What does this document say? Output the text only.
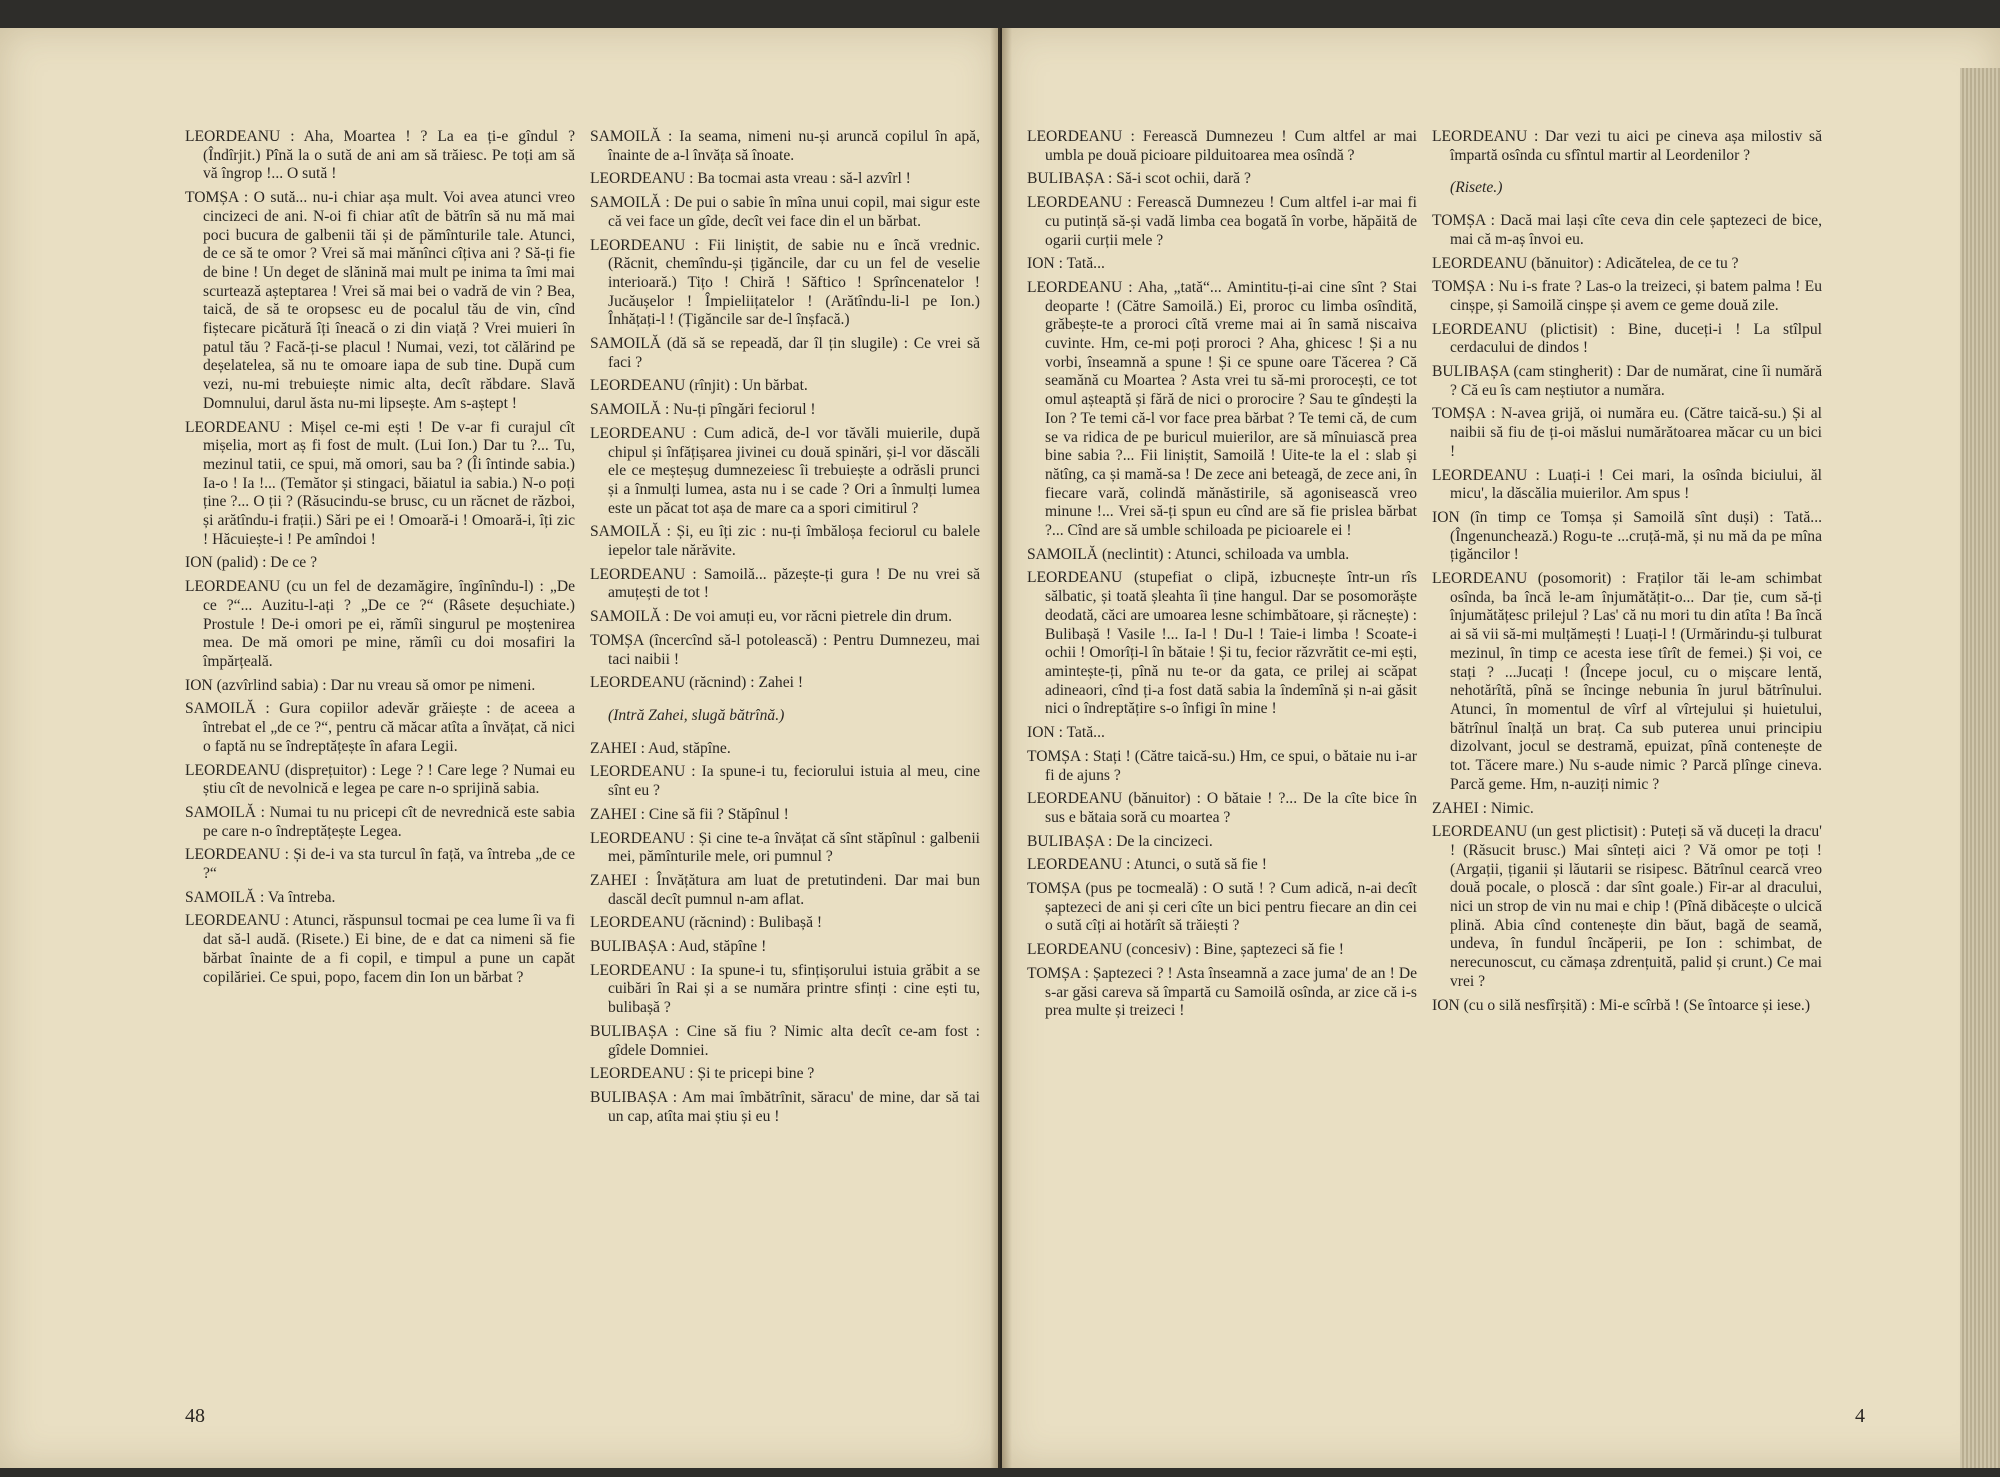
LEORDEANU : Aha, Moartea ! ? La ea ți-e gîndul ? (Îndîrjit.) Pînă la o sută de ani am să trăiesc. Pe toți am să vă îngrop !... O sută !

TOMȘA : O sută... nu-i chiar așa mult. Voi avea atunci vreo cincizeci de ani. N-oi fi chiar atît de bătrîn să nu mă mai poci bucura de galbenii tăi și de pămînturile tale. Atunci, de ce să te omor ? Vrei să mai mănînci cîțiva ani ? Să-ți fie de bine ! Un deget de slănină mai mult pe inima ta îmi mai scurtează așteptarea ! Vrei să mai bei o vadră de vin ? Bea, taică, de să te oropsesc eu de pocalul tău de vin, cînd fiștecare picătură îți îneacă o zi din viață ? Vrei muieri în patul tău ? Facă-ți-se placul ! Numai, vezi, tot călărind pe deșelatelea, să nu te omoare iapa de sub tine. După cum vezi, nu-mi trebuiește nimic alta, decît răbdare. Slavă Domnului, darul ăsta nu-mi lipsește. Am s-aștept !

LEORDEANU : Mișel ce-mi ești ! De v-ar fi curajul cît mișelia, mort aș fi fost de mult. (Lui Ion.) Dar tu ?... Tu, mezinul tatii, ce spui, mă omori, sau ba ? (Îi întinde sabia.) Ia-o ! Ia !... (Temător și stingaci, băiatul ia sabia.) N-o poți ține ?... O ții ? (Răsucindu-se brusc, cu un răcnet de război, și arătîndu-i frații.) Sări pe ei ! Omoară-i ! Omoară-i, îți zic ! Hăcuiește-i ! Pe amîndoi !

ION (palid) : De ce ?

LEORDEANU (cu un fel de dezamăgire, îngînîndu-l) : „De ce ?“... Auzitu-l-ați ? „De ce ?“ (Râsete deșuchiate.) Prostule ! De-i omori pe ei, rămîi singurul pe moștenirea mea. De mă omori pe mine, rămîi cu doi mosafiri la împărțeală.

ION (azvîrlind sabia) : Dar nu vreau să omor pe nimeni.

SAMOILĂ : Gura copiilor adevăr grăiește : de aceea a întrebat el „de ce ?“, pentru că măcar atîta a învățat, că nici o faptă nu se îndreptățește în afara Legii.

LEORDEANU (disprețuitor) : Lege ? ! Care lege ? Numai eu știu cît de nevolnică e legea pe care n-o sprijină sabia.

SAMOILĂ : Numai tu nu pricepi cît de nevrednică este sabia pe care n-o îndreptățește Legea.

LEORDEANU : Și de-i va sta turcul în față, va întreba „de ce ?“

SAMOILĂ : Va întreba.

LEORDEANU : Atunci, răspunsul tocmai pe cea lume îi va fi dat să-l audă. (Risete.) Ei bine, de e dat ca nimeni să fie bărbat înainte de a fi copil, e timpul a pune un capăt copilăriei. Ce spui, popo, facem din Ion un bărbat ?

SAMOILĂ : Ia seama, nimeni nu-și aruncă copilul în apă, înainte de a-l învăța să înoate.

LEORDEANU : Ba tocmai asta vreau : să-l azvîrl !

SAMOILĂ : De pui o sabie în mîna unui copil, mai sigur este că vei face un gîde, decît vei face din el un bărbat.

LEORDEANU : Fii liniștit, de sabie nu e încă vrednic. (Răcnit, chemîndu-și țigăncile, dar cu un fel de veselie interioară.) Tițo ! Chiră ! Săftico ! Sprîncenatelor ! Jucăușelor ! Împieliițatelor ! (Arătîndu-li-l pe Ion.) Înhățați-l ! (Țigăncile sar de-l înșfacă.)

SAMOILĂ (dă să se repeadă, dar îl țin slugile) : Ce vrei să faci ?

LEORDEANU (rînjit) : Un bărbat.

SAMOILĂ : Nu-ți pîngări feciorul !

LEORDEANU : Cum adică, de-l vor tăvăli muierile, după chipul și înfățișarea jivinei cu două spinări, și-l vor dăscăli ele ce meșteșug dumnezeiesc îi trebuiește a odrăsli prunci și a înmulți lumea, asta nu i se cade ? Ori a înmulți lumea este un păcat tot așa de mare ca a spori cimitirul ?

SAMOILĂ : Și, eu îți zic : nu-ți îmbăloșa feciorul cu balele iepelor tale nărăvite.

LEORDEANU : Samoilă... păzește-ți gura ! De nu vrei să amuțești de tot !

SAMOILĂ : De voi amuți eu, vor răcni pietrele din drum.

TOMȘA (încercînd să-l potolească) : Pentru Dumnezeu, mai taci naibii !

LEORDEANU (răcnind) : Zahei !

(Intră Zahei, slugă bătrînă.)

ZAHEI : Aud, stăpîne.

LEORDEANU : Ia spune-i tu, feciorului istuia al meu, cine sînt eu ?

ZAHEI : Cine să fii ? Stăpînul !

LEORDEANU : Și cine te-a învățat că sînt stăpînul : galbenii mei, pămînturile mele, ori pumnul ?

ZAHEI : Învățătura am luat de pretutindeni. Dar mai bun dascăl decît pumnul n-am aflat.

LEORDEANU (răcnind) : Bulibașă !

BULIBAȘA : Aud, stăpîne !

LEORDEANU : Ia spune-i tu, sfințișorului istuia grăbit a se cuibări în Rai și a se număra printre sfinți : cine ești tu, bulibașă ?

BULIBAȘA : Cine să fiu ? Nimic alta decît ce-am fost : gîdele Domniei.

LEORDEANU : Și te pricepi bine ?

BULIBAȘA : Am mai îmbătrînit, săracu' de mine, dar să tai un cap, atîta mai știu și eu !

48

LEORDEANU : Ferească Dumnezeu ! Cum altfel ar mai umbla pe două picioare pilduitoarea mea osîndă ?

BULIBAȘA : Să-i scot ochii, dară ?

LEORDEANU : Ferească Dumnezeu ! Cum altfel i-ar mai fi cu putință să-și vadă limba cea bogată în vorbe, hăpăită de ogarii curții mele ?

ION : Tată...

LEORDEANU : Aha, „tată“... Amintitu-ți-ai cine sînt ? Stai deoparte ! (Către Samoilă.) Ei, proroc cu limba osîndită, grăbește-te a proroci cîtă vreme mai ai în samă niscaiva cuvinte. Hm, ce-mi poți proroci ? Aha, ghicesc ! Și a nu vorbi, înseamnă a spune ! Și ce spune oare Tăcerea ? Că seamănă cu Moartea ? Asta vrei tu să-mi prorocești, ce tot omul așteaptă și fără de nici o prorocire ? Sau te gîndești la Ion ? Te temi că-l vor face prea bărbat ? Te temi că, de cum se va ridica de pe buricul muierilor, are să mînuiască prea bine sabia ?... Fii liniștit, Samoilă ! Uite-te la el : slab și nătîng, ca și mamă-sa ! De zece ani beteagă, de zece ani, în fiecare vară, colindă mănăstirile, să agonisească vreo minune !... Vrei să-ți spun eu cînd are să fie prislea bărbat ?... Cînd are să umble schiloada pe picioarele ei !

SAMOILĂ (neclintit) : Atunci, schiloada va umbla.

LEORDEANU (stupefiat o clipă, izbucnește într-un rîs sălbatic, și toată șleahta îi ține hangul. Dar se posomorăște deodată, căci are umoarea lesne schimbătoare, și răcnește) : Bulibașă ! Vasile !... Ia-l ! Du-l ! Taie-i limba ! Scoate-i ochii ! Omorîți-l în bătaie ! Și tu, fecior răzvrătit ce-mi ești, amintește-ți, pînă nu te-or da gata, ce prilej ai scăpat adineaori, cînd ți-a fost dată sabia la îndemînă și n-ai găsit nici o îndreptățire s-o înfigi în mine !

ION : Tată...

TOMȘA : Stați ! (Către taică-su.) Hm, ce spui, o bătaie nu i-ar fi de ajuns ?

LEORDEANU (bănuitor) : O bătaie ! ?... De la cîte bice în sus e bătaia soră cu moartea ?

BULIBAȘA : De la cincizeci.

LEORDEANU : Atunci, o sută să fie !

TOMȘA (pus pe tocmeală) : O sută ! ? Cum adică, n-ai decît șaptezeci de ani și ceri cîte un bici pentru fiecare an din cei o sută cîți ai hotărît să trăiești ?

LEORDEANU (concesiv) : Bine, șaptezeci să fie !

TOMȘA : Șaptezeci ? ! Asta înseamnă a zace juma' de an ! De s-ar găsi careva să împartă cu Samoilă osînda, ar zice că i-s prea multe și treizeci !

LEORDEANU : Dar vezi tu aici pe cineva așa milostiv să împartă osînda cu sfîntul martir al Leordenilor ?

(Risete.)

TOMȘA : Dacă mai lași cîte ceva din cele șaptezeci de bice, mai că m-aș învoi eu.

LEORDEANU (bănuitor) : Adicătelea, de ce tu ?

TOMȘA : Nu i-s frate ? Las-o la treizeci, și batem palma ! Eu cinșpe, și Samoilă cinșpe și avem ce geme două zile.

LEORDEANU (plictisit) : Bine, duceți-i ! La stîlpul cerdacului de dindos !

BULIBAȘA (cam stingherit) : Dar de numărat, cine îi numără ? Că eu îs cam neștiutor a număra.

TOMȘA : N-avea grijă, oi număra eu. (Către taică-su.) Și al naibii să fiu de ți-oi măslui numărătoarea măcar cu un bici !

LEORDEANU : Luați-i ! Cei mari, la osînda biciului, ăl micu', la dăscălia muierilor. Am spus !

ION (în timp ce Tomșa și Samoilă sînt duși) : Tată... (Îngenunchează.) Rogu-te ...cruță-mă, și nu mă da pe mîna țigăncilor !

LEORDEANU (posomorit) : Fraților tăi le-am schimbat osînda, ba încă le-am înjumătățit-o... Dar ție, cum să-ți înjumătățesc prilejul ? Las' că nu mori tu din atîta ! Ba încă ai să vii să-mi mulțămești ! Luați-l ! (Urmărindu-și tulburat mezinul, în timp ce acesta iese tîrît de femei.) Și voi, ce stați ? ...Jucați ! (Începe jocul, cu o mișcare lentă, nehotărîtă, pînă se încinge nebunia în jurul bătrînului. Atunci, în momentul de vîrf al vîrtejului și huietului, bătrînul înalță un braț. Ca sub puterea unui principiu dizolvant, jocul se destramă, epuizat, pînă contenește de tot. Tăcere mare.) Nu s-aude nimic ? Parcă plînge cineva. Parcă geme. Hm, n-auziți nimic ?

ZAHEI : Nimic.

LEORDEANU (un gest plictisit) : Puteți să vă duceți la dracu' ! (Răsucit brusc.) Mai sînteți aici ? Vă omor pe toți ! (Argații, țiganii și lăutarii se risipesc. Bătrînul cearcă vreo două pocale, o ploscă : dar sînt goale.) Fir-ar al dracului, nici un strop de vin nu mai e chip ! (Pînă dibăcește o ulcică plină. Abia cînd contenește din băut, bagă de seamă, undeva, în fundul încăperii, pe Ion : schimbat, de nerecunoscut, cu cămașa zdrențuită, palid și crunt.) Ce mai vrei ?

ION (cu o silă nesfîrșită) : Mi-e scîrbă ! (Se întoarce și iese.)

4
